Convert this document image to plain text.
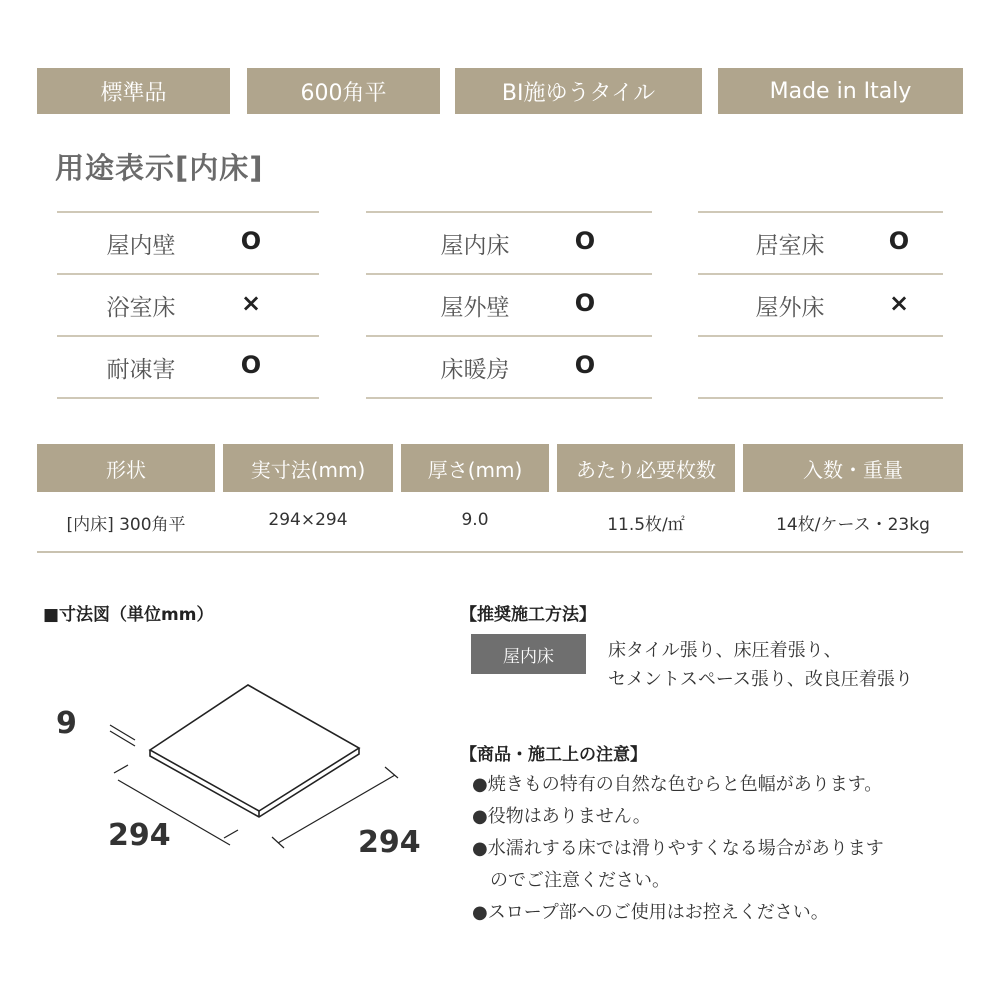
標準品	600角平	BI施ゆうタイル	Made in Italy
用途表示[内床]
屋内壁	O	屋内床	O	居室床	O
浴室床	×	屋外壁	O	屋外床	×
耐凍害	O	床暖房	O
形状	実寸法(mm)	厚さ(mm)	あたり必要枚数	入数・重量
[内床] 300角平	294×294	9.0	11.5枚/㎡	14枚/ケース・23kg
■寸法図（単位mm）
9
294	294
【推奨施工方法】
屋内床	床タイル張り、床圧着張り、
セメントスペース張り、改良圧着張り
【商品・施工上の注意】
●焼きもの特有の自然な色むらと色幅があります。
●役物はありません。
●水濡れする床では滑りやすくなる場合があります
　のでご注意ください。
●スロープ部へのご使用はお控えください。
